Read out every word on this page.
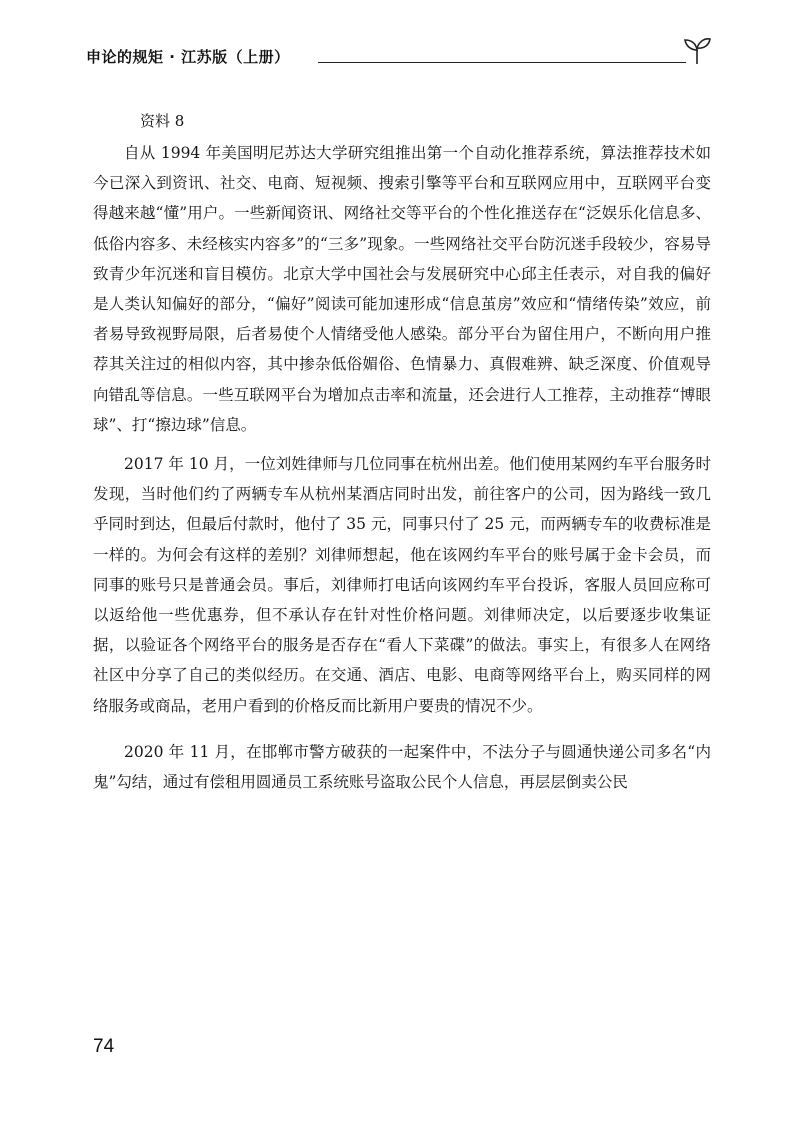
申论的规矩 · 江苏版（上册）
资料 8

自从 1994 年美国明尼苏达大学研究组推出第一个自动化推荐系统，算法推荐技术如今已深入到资讯、社交、电商、短视频、搜索引擎等平台和互联网应用中，互联网平台变得越来越“懂”用户。一些新闻资讯、网络社交等平台的个性化推送存在“泛娱乐化信息多、低俗内容多、未经核实内容多”的“三多”现象。一些网络社交平台防沉迷手段较少，容易导致青少年沉迷和盲目模仿。北京大学中国社会与发展研究中心邱主任表示，对自我的偏好是人类认知偏好的部分，“偏好”阅读可能加速形成“信息茧房”效应和“情绪传染”效应，前者易导致视野局限，后者易使个人情绪受他人感染。部分平台为留住用户，不断向用户推荐其关注过的相似内容，其中掺杂低俗媚俗、色情暴力、真假难辨、缺乏深度、价值观导向错乱等信息。一些互联网平台为增加点击率和流量，还会进行人工推荐，主动推荐“博眼球”、打“擦边球”信息。

2017 年 10 月，一位刘姓律师与几位同事在杭州出差。他们使用某网约车平台服务时发现，当时他们约了两辆专车从杭州某酒店同时出发，前往客户的公司，因为路线一致几乎同时到达，但最后付款时，他付了 35 元，同事只付了 25 元，而两辆专车的收费标准是一样的。为何会有这样的差别？刘律师想起，他在该网约车平台的账号属于金卡会员，而同事的账号只是普通会员。事后，刘律师打电话向该网约车平台投诉，客服人员回应称可以返给他一些优惠券，但不承认存在针对性价格问题。刘律师决定，以后要逐步收集证据，以验证各个网络平台的服务是否存在“看人下菜碟”的做法。事实上，有很多人在网络社区中分享了自己的类似经历。在交通、酒店、电影、电商等网络平台上，购买同样的网络服务或商品，老用户看到的价格反而比新用户要贵的情况不少。

2020 年 11 月，在邯郸市警方破获的一起案件中，不法分子与圆通快递公司多名“内鬼”勾结，通过有偿租用圆通员工系统账号盗取公民个人信息，再层层倒卖公民

74
